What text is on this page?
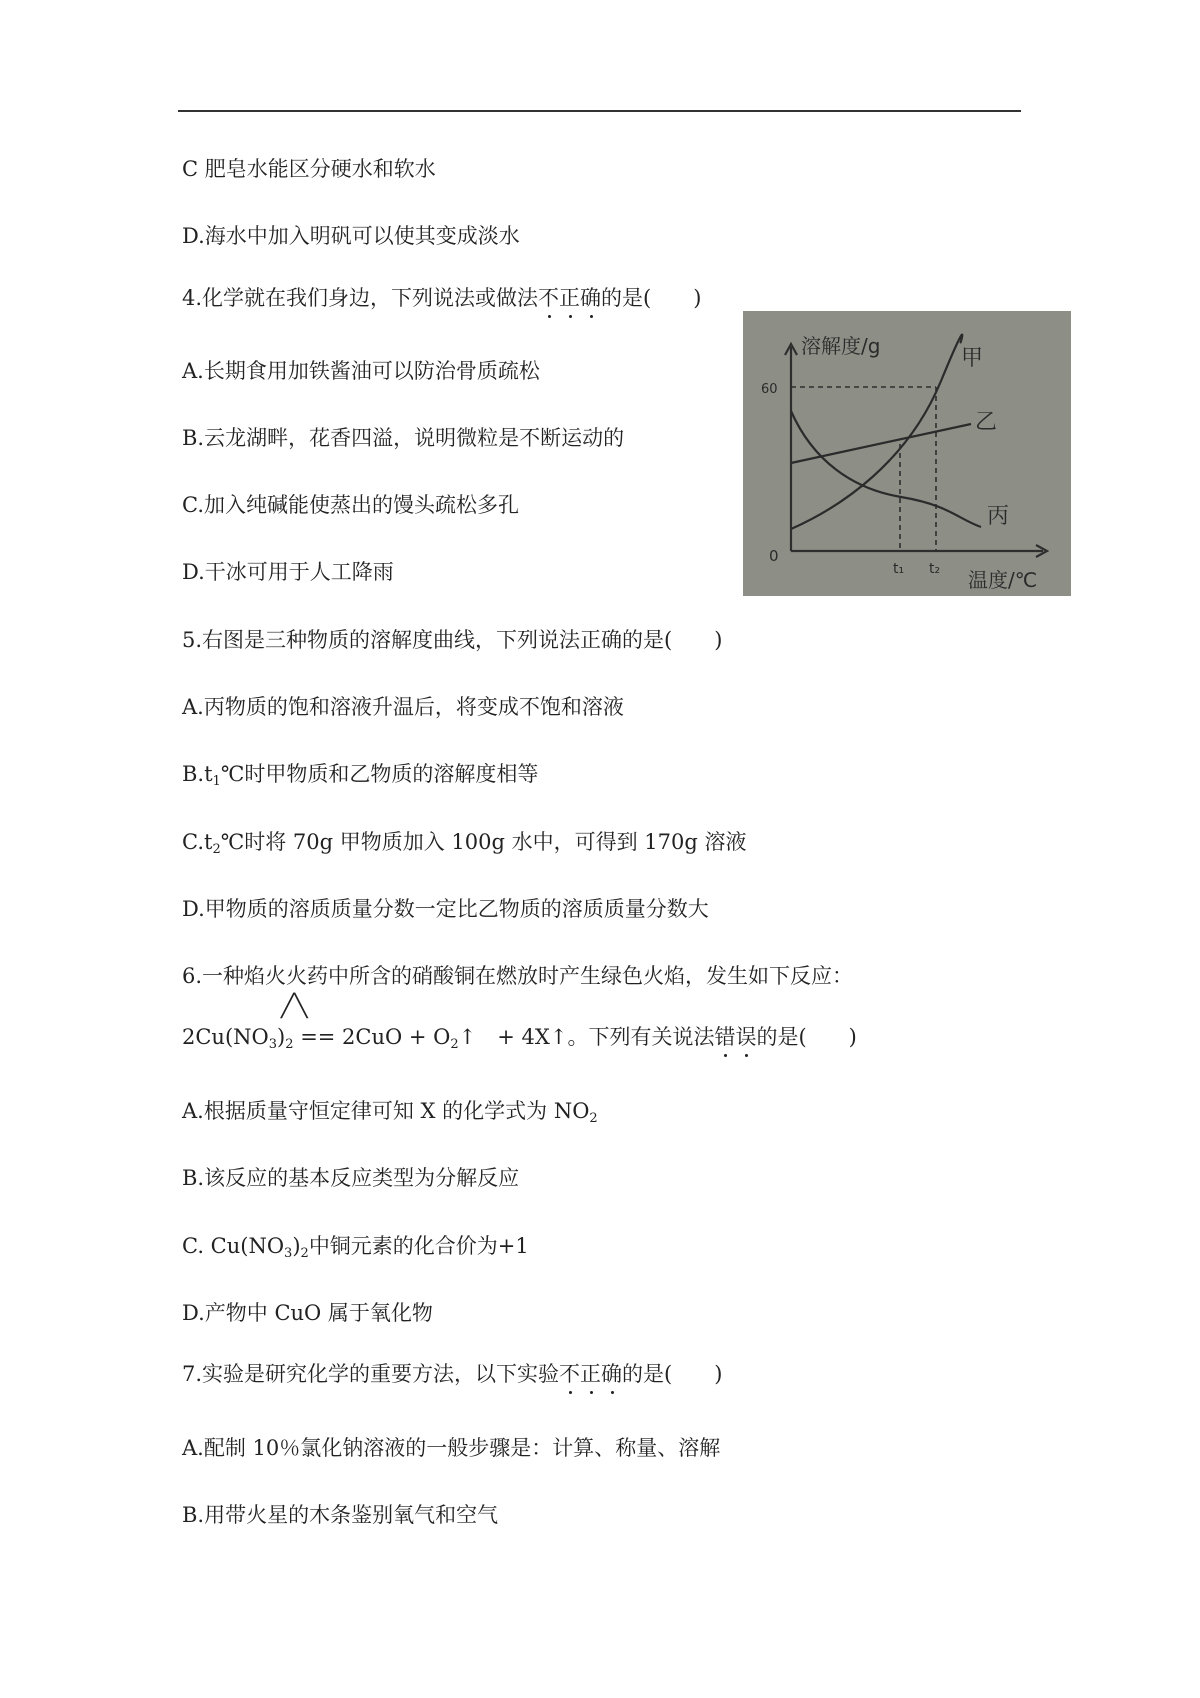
C 肥皂水能区分硬水和软水
D.海水中加入明矾可以使其变成淡水
4.化学就在我们身边，下列说法或做法不正确的是(　　)
A.长期食用加铁酱油可以防治骨质疏松
B.云龙湖畔，花香四溢，说明微粒是不断运动的
C.加入纯碱能使蒸出的馒头疏松多孔
D.干冰可用于人工降雨
溶解度/g
60
0
t₁ t₂ 温度/℃
甲
乙
丙
5.右图是三种物质的溶解度曲线，下列说法正确的是(　　)
A.丙物质的饱和溶液升温后，将变成不饱和溶液
$B.t_1℃$时甲物质和乙物质的溶解度相等
$C.t_2℃$时将 70g 甲物质加入 100g 水中，可得到 170g 溶液
D.甲物质的溶质质量分数一定比乙物质的溶质质量分数大
6.一种焰火火药中所含的硝酸铜在燃放时产生绿色火焰，发生如下反应：
╱╲
$2Cu(NO_3)_2 == 2CuO$ + $O_2↑$　+ 4X↑。下列有关说法错误的是(　　)
A.根据质量守恒定律可知 X 的化学式为 $NO_2$
B.该反应的基本反应类型为分解反应
C. $Cu(NO_3)_2$中铜元素的化合价为+1
D.产物中 CuO 属于氧化物
7.实验是研究化学的重要方法，以下实验不正确的是(　　)
A.配制 10％氯化钠溶液的一般步骤是：计算、称量、溶解
B.用带火星的木条鉴别氧气和空气
